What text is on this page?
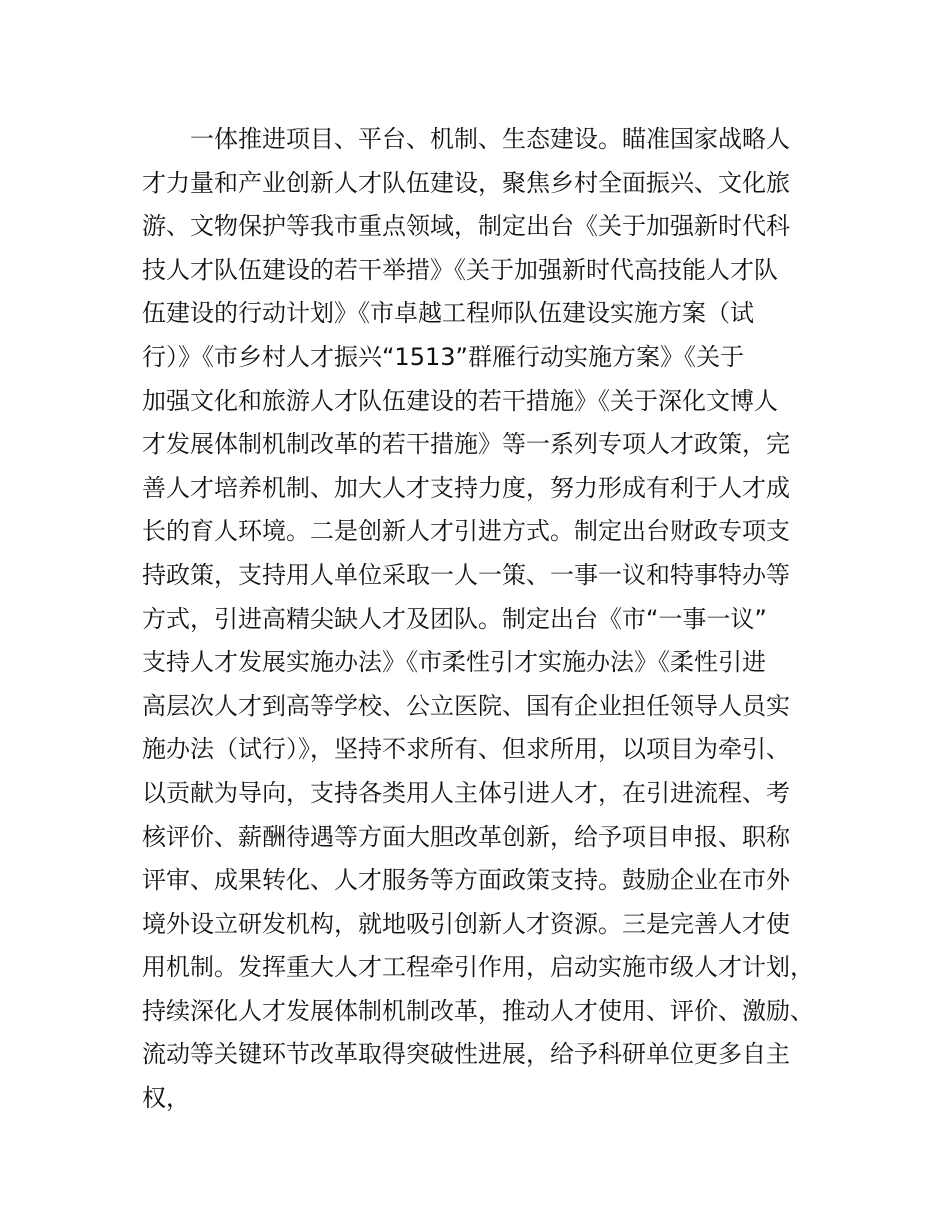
一体推进项目、平台、机制、生态建设。瞄准国家战略人
才力量和产业创新人才队伍建设，聚焦乡村全面振兴、文化旅
游、文物保护等我市重点领域，制定出台《关于加强新时代科
技人才队伍建设的若干举措》《关于加强新时代高技能人才队
伍建设的行动计划》《市卓越工程师队伍建设实施方案（试
行）》《市乡村人才振兴“1513”群雁行动实施方案》《关于
加强文化和旅游人才队伍建设的若干措施》《关于深化文博人
才发展体制机制改革的若干措施》等一系列专项人才政策，完
善人才培养机制、加大人才支持力度，努力形成有利于人才成
长的育人环境。二是创新人才引进方式。制定出台财政专项支
持政策，支持用人单位采取一人一策、一事一议和特事特办等
方式，引进高精尖缺人才及团队。制定出台《市“一事一议”
支持人才发展实施办法》《市柔性引才实施办法》《柔性引进
高层次人才到高等学校、公立医院、国有企业担任领导人员实
施办法（试行）》，坚持不求所有、但求所用，以项目为牵引、
以贡献为导向，支持各类用人主体引进人才，在引进流程、考
核评价、薪酬待遇等方面大胆改革创新，给予项目申报、职称
评审、成果转化、人才服务等方面政策支持。鼓励企业在市外
境外设立研发机构，就地吸引创新人才资源。三是完善人才使
用机制。发挥重大人才工程牵引作用，启动实施市级人才计划，
持续深化人才发展体制机制改革，推动人才使用、评价、激励、
流动等关键环节改革取得突破性进展，给予科研单位更多自主
权，
